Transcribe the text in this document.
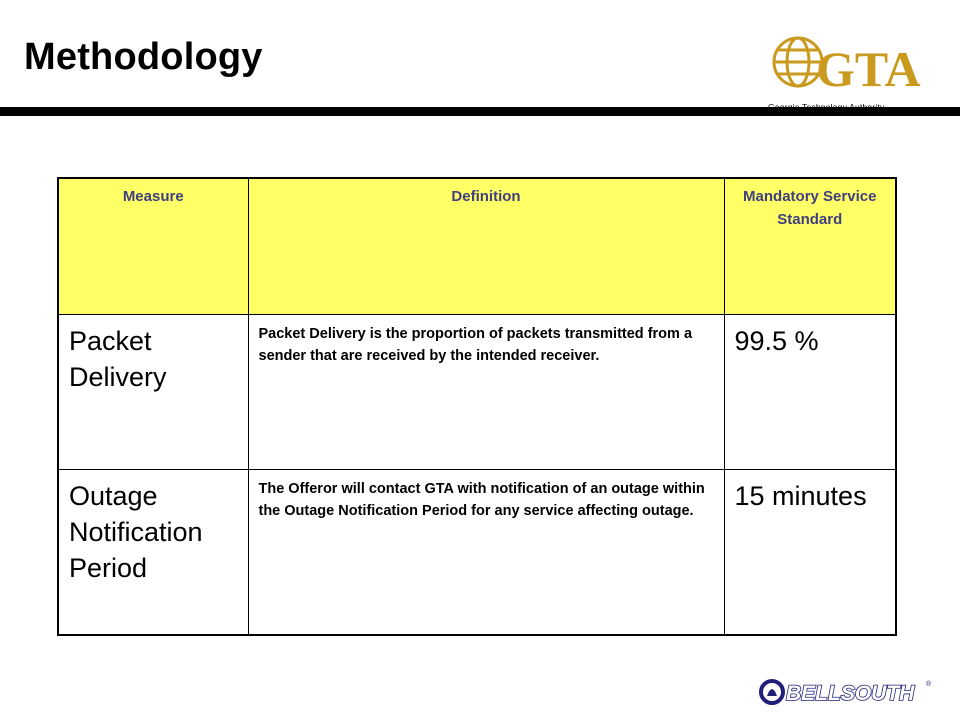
Methodology	GTA
Measure	Definition	Mandatory Service Standard
Packet Delivery	Packet Delivery is the proportion of packets transmitted from a sender that are received by the intended receiver.	99.5 %
Outage Notification Period	The Offeror will contact GTA with notification of an outage within the Outage Notification Period for any service affecting outage.	15 minutes
BELLSOUTH ®
